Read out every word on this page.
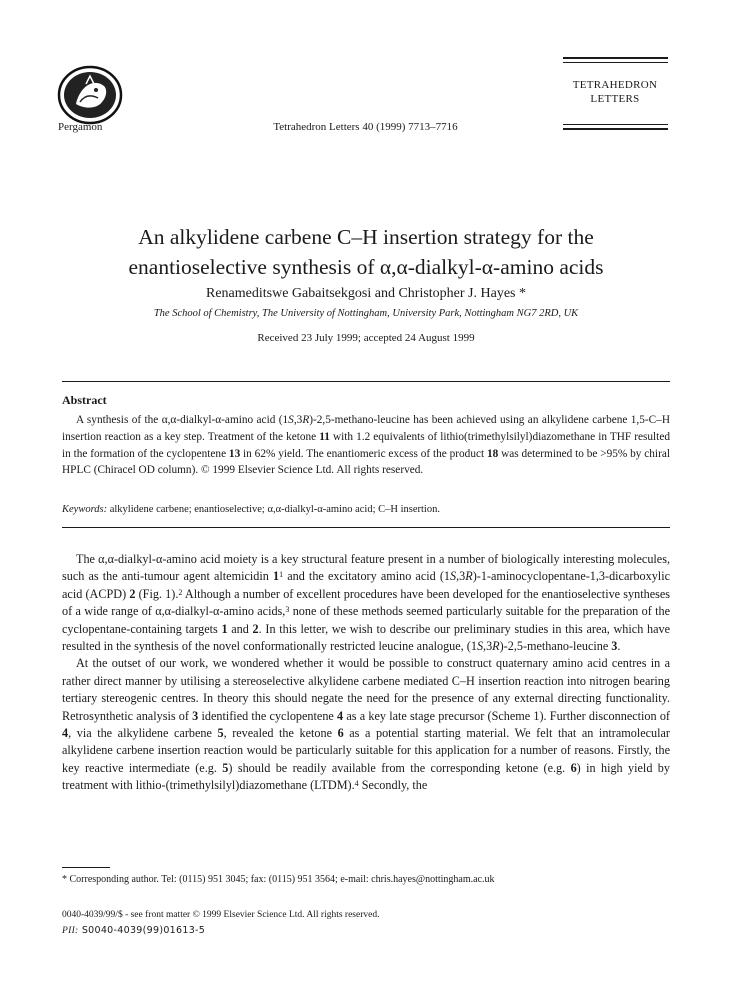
Pergamon	Tetrahedron Letters 40 (1999) 7713–7716
TETRAHEDRON
LETTERS
An alkylidene carbene C–H insertion strategy for the
enantioselective synthesis of α,α-dialkyl-α-amino acids
Renameditswe Gabaitsekgosi and Christopher J. Hayes *
The School of Chemistry, The University of Nottingham, University Park, Nottingham NG7 2RD, UK
Received 23 July 1999; accepted 24 August 1999
Abstract
A synthesis of the α,α-dialkyl-α-amino acid (1S,3R)-2,5-methano-leucine has been achieved using an alkylidene carbene 1,5-C–H insertion reaction as a key step. Treatment of the ketone 11 with 1.2 equivalents of lithio(trimethylsilyl)diazomethane in THF resulted in the formation of the cyclopentene 13 in 62% yield. The enantiomeric excess of the product 18 was determined to be >95% by chiral HPLC (Chiracel OD column). © 1999 Elsevier Science Ltd. All rights reserved.
Keywords: alkylidene carbene; enantioselective; α,α-dialkyl-α-amino acid; C–H insertion.

The α,α-dialkyl-α-amino acid moiety is a key structural feature present in a number of biologically interesting molecules, such as the anti-tumour agent altemicidin $1^1$ and the excitatory amino acid (1S,3R)-1-aminocyclopentane-1,3-dicarboxylic acid (ACPD) 2 (Fig. 1).$^2$ Although a number of excellent procedures have been developed for the enantioselective syntheses of a wide range of α,α-dialkyl-α-amino acids,$^3$ none of these methods seemed particularly suitable for the preparation of the cyclopentane-containing targets 1 and 2. In this letter, we wish to describe our preliminary studies in this area, which have resulted in the synthesis of the novel conformationally restricted leucine analogue, (1S,3R)-2,5-methano-leucine 3.

At the outset of our work, we wondered whether it would be possible to construct quaternary amino acid centres in a rather direct manner by utilising a stereoselective alkylidene carbene mediated C–H insertion reaction into nitrogen bearing tertiary stereogenic centres. In theory this should negate the need for the presence of any external directing functionality. Retrosynthetic analysis of 3 identified the cyclopentene 4 as a key late stage precursor (Scheme 1). Further disconnection of 4, via the alkylidene carbene 5, revealed the ketone 6 as a potential starting material. We felt that an intramolecular alkylidene carbene insertion reaction would be particularly suitable for this application for a number of reasons. Firstly, the key reactive intermediate (e.g. 5) should be readily available from the corresponding ketone (e.g. 6) in high yield by treatment with lithio-(trimethylsilyl)diazomethane (LTDM).$^4$ Secondly, the

* Corresponding author. Tel: (0115) 951 3045; fax: (0115) 951 3564; e-mail: chris.hayes@nottingham.ac.uk
0040-4039/99/$ - see front matter © 1999 Elsevier Science Ltd. All rights reserved.
PII: S0040-4039(99)01613-5
